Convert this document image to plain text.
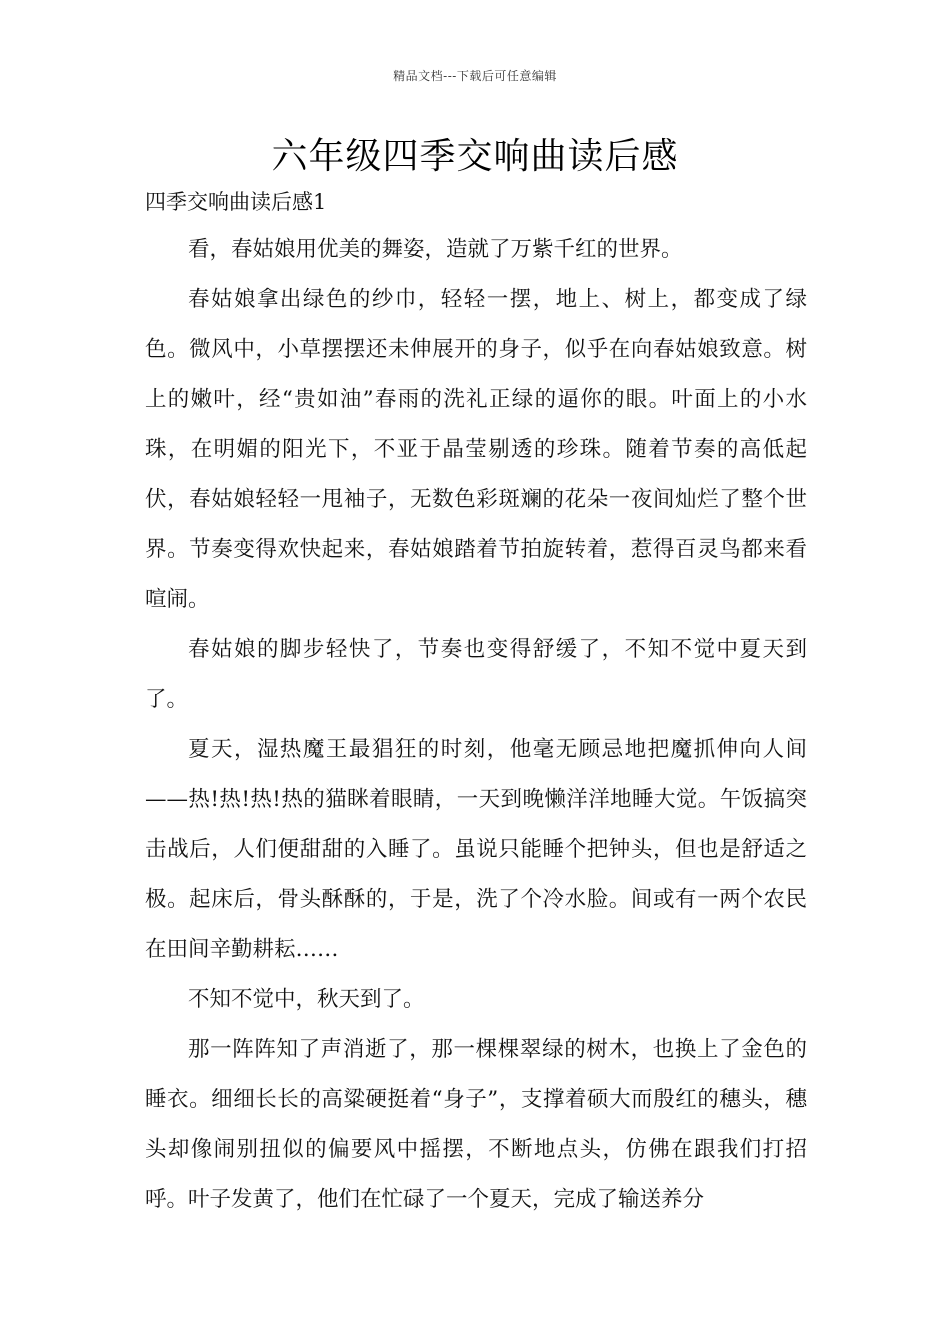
精品文档---下载后可任意编辑
六年级四季交响曲读后感
四季交响曲读后感1

看，春姑娘用优美的舞姿，造就了万紫千红的世界。

春姑娘拿出绿色的纱巾，轻轻一摆，地上、树上，都变成了绿色。微风中，小草摆摆还未伸展开的身子，似乎在向春姑娘致意。树上的嫩叶，经“贵如油”春雨的洗礼正绿的逼你的眼。叶面上的小水珠，在明媚的阳光下，不亚于晶莹剔透的珍珠。随着节奏的高低起伏，春姑娘轻轻一甩袖子，无数色彩斑斓的花朵一夜间灿烂了整个世界。节奏变得欢快起来，春姑娘踏着节拍旋转着，惹得百灵鸟都来看喧闹。

春姑娘的脚步轻快了，节奏也变得舒缓了，不知不觉中夏天到了。

夏天，湿热魔王最猖狂的时刻，他毫无顾忌地把魔抓伸向人间——热!热!热!热的猫眯着眼睛，一天到晚懒洋洋地睡大觉。午饭搞突击战后，人们便甜甜的入睡了。虽说只能睡个把钟头，但也是舒适之极。起床后，骨头酥酥的，于是，洗了个冷水脸。间或有一两个农民在田间辛勤耕耘……

不知不觉中，秋天到了。

那一阵阵知了声消逝了，那一棵棵翠绿的树木，也换上了金色的睡衣。细细长长的高粱硬挺着“身子”，支撑着硕大而殷红的穗头，穗头却像闹别扭似的偏要风中摇摆，不断地点头，仿佛在跟我们打招呼。叶子发黄了，他们在忙碌了一个夏天，完成了输送养分
